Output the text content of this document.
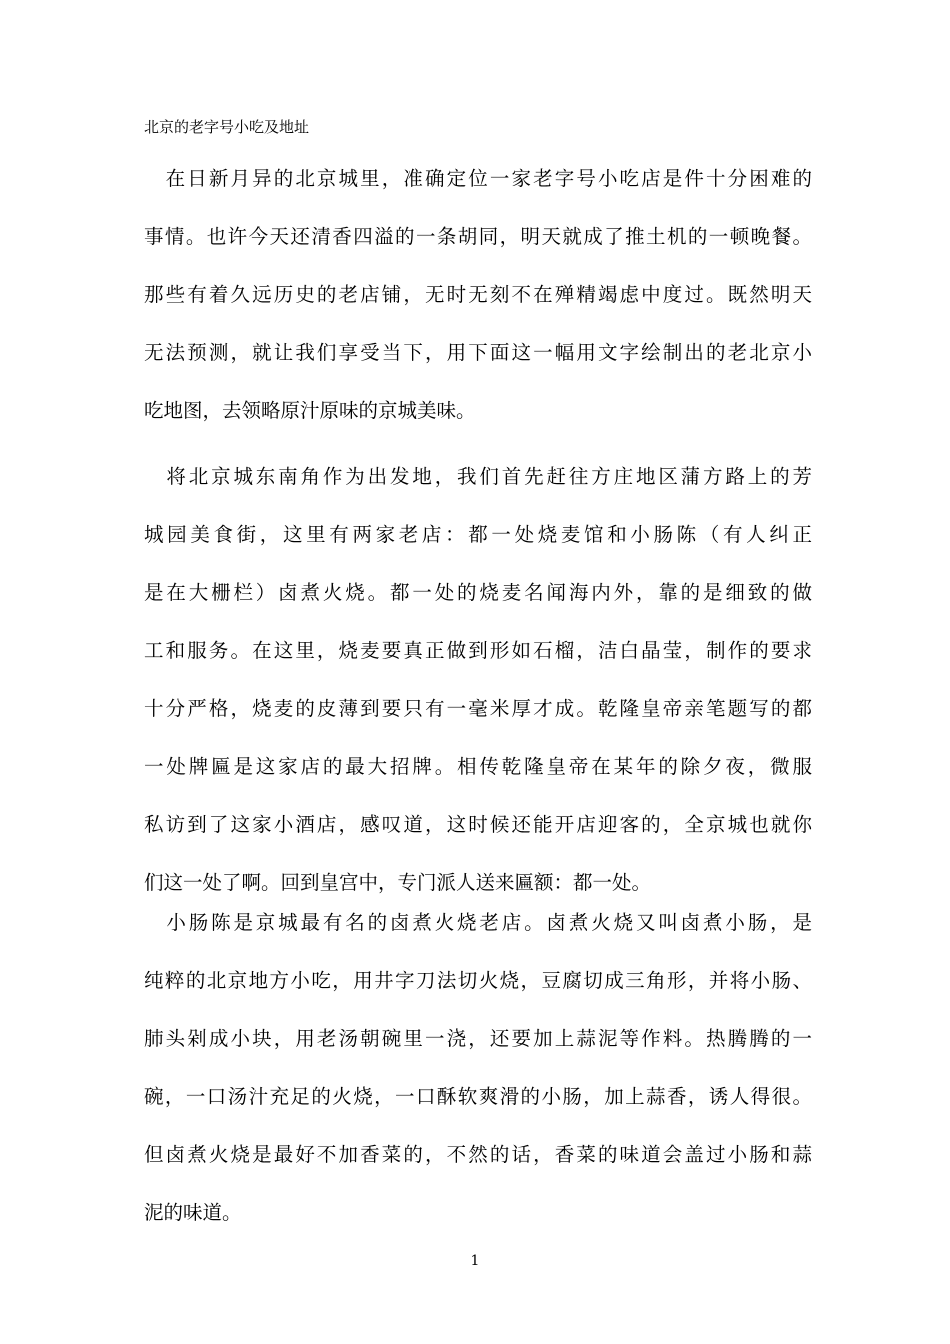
北京的老字号小吃及地址
　在日新月异的北京城里，准确定位一家老字号小吃店是件十分困难的
事情。也许今天还清香四溢的一条胡同，明天就成了推土机的一顿晚餐。
那些有着久远历史的老店铺，无时无刻不在殚精竭虑中度过。既然明天
无法预测，就让我们享受当下，用下面这一幅用文字绘制出的老北京小
吃地图，去领略原汁原味的京城美味。
　将北京城东南角作为出发地，我们首先赶往方庄地区蒲方路上的芳
城园美食街，这里有两家老店：都一处烧麦馆和小肠陈（有人纠正
是在大栅栏）卤煮火烧。都一处的烧麦名闻海内外，靠的是细致的做
工和服务。在这里，烧麦要真正做到形如石榴，洁白晶莹，制作的要求
十分严格，烧麦的皮薄到要只有一毫米厚才成。乾隆皇帝亲笔题写的都
一处牌匾是这家店的最大招牌。相传乾隆皇帝在某年的除夕夜，微服
私访到了这家小酒店，感叹道，这时候还能开店迎客的，全京城也就你
们这一处了啊。回到皇宫中，专门派人送来匾额：都一处。
　小肠陈是京城最有名的卤煮火烧老店。卤煮火烧又叫卤煮小肠，是
纯粹的北京地方小吃，用井字刀法切火烧，豆腐切成三角形，并将小肠、
肺头剁成小块，用老汤朝碗里一浇，还要加上蒜泥等作料。热腾腾的一
碗，一口汤汁充足的火烧，一口酥软爽滑的小肠，加上蒜香，诱人得很。
但卤煮火烧是最好不加香菜的，不然的话，香菜的味道会盖过小肠和蒜
泥的味道。
1
